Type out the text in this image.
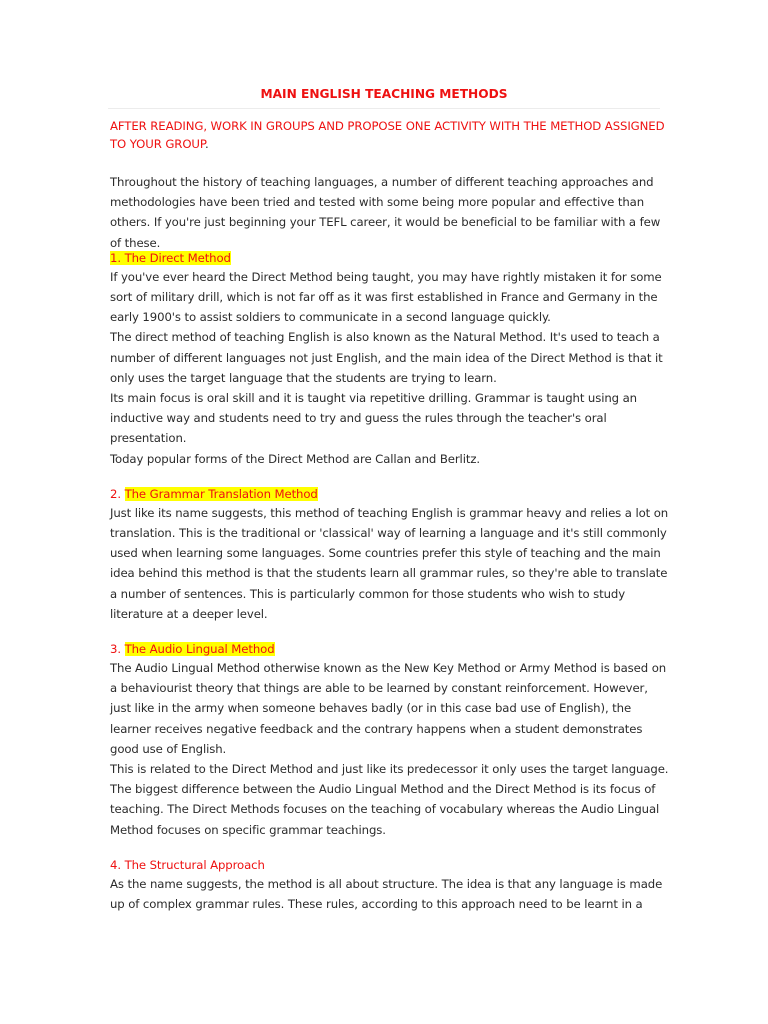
MAIN ENGLISH TEACHING METHODS

AFTER READING, WORK IN GROUPS AND PROPOSE ONE ACTIVITY WITH THE METHOD ASSIGNED TO YOUR GROUP.

Throughout the history of teaching languages, a number of different teaching approaches and methodologies have been tried and tested with some being more popular and effective than others. If you're just beginning your TEFL career, it would be beneficial to be familiar with a few of these.

1. The Direct Method

If you've ever heard the Direct Method being taught, you may have rightly mistaken it for some sort of military drill, which is not far off as it was first established in France and Germany in the early 1900's to assist soldiers to communicate in a second language quickly.

The direct method of teaching English is also known as the Natural Method. It's used to teach a number of different languages not just English, and the main idea of the Direct Method is that it only uses the target language that the students are trying to learn.

Its main focus is oral skill and it is taught via repetitive drilling. Grammar is taught using an inductive way and students need to try and guess the rules through the teacher's oral presentation.

Today popular forms of the Direct Method are Callan and Berlitz.

2. The Grammar Translation Method

Just like its name suggests, this method of teaching English is grammar heavy and relies a lot on translation. This is the traditional or 'classical' way of learning a language and it's still commonly used when learning some languages. Some countries prefer this style of teaching and the main idea behind this method is that the students learn all grammar rules, so they're able to translate a number of sentences. This is particularly common for those students who wish to study literature at a deeper level.

3. The Audio Lingual Method

The Audio Lingual Method otherwise known as the New Key Method or Army Method is based on a behaviourist theory that things are able to be learned by constant reinforcement. However, just like in the army when someone behaves badly (or in this case bad use of English), the learner receives negative feedback and the contrary happens when a student demonstrates good use of English.

This is related to the Direct Method and just like its predecessor it only uses the target language. The biggest difference between the Audio Lingual Method and the Direct Method is its focus of teaching. The Direct Methods focuses on the teaching of vocabulary whereas the Audio Lingual Method focuses on specific grammar teachings.

4. The Structural Approach

As the name suggests, the method is all about structure. The idea is that any language is made up of complex grammar rules. These rules, according to this approach need to be learnt in a
